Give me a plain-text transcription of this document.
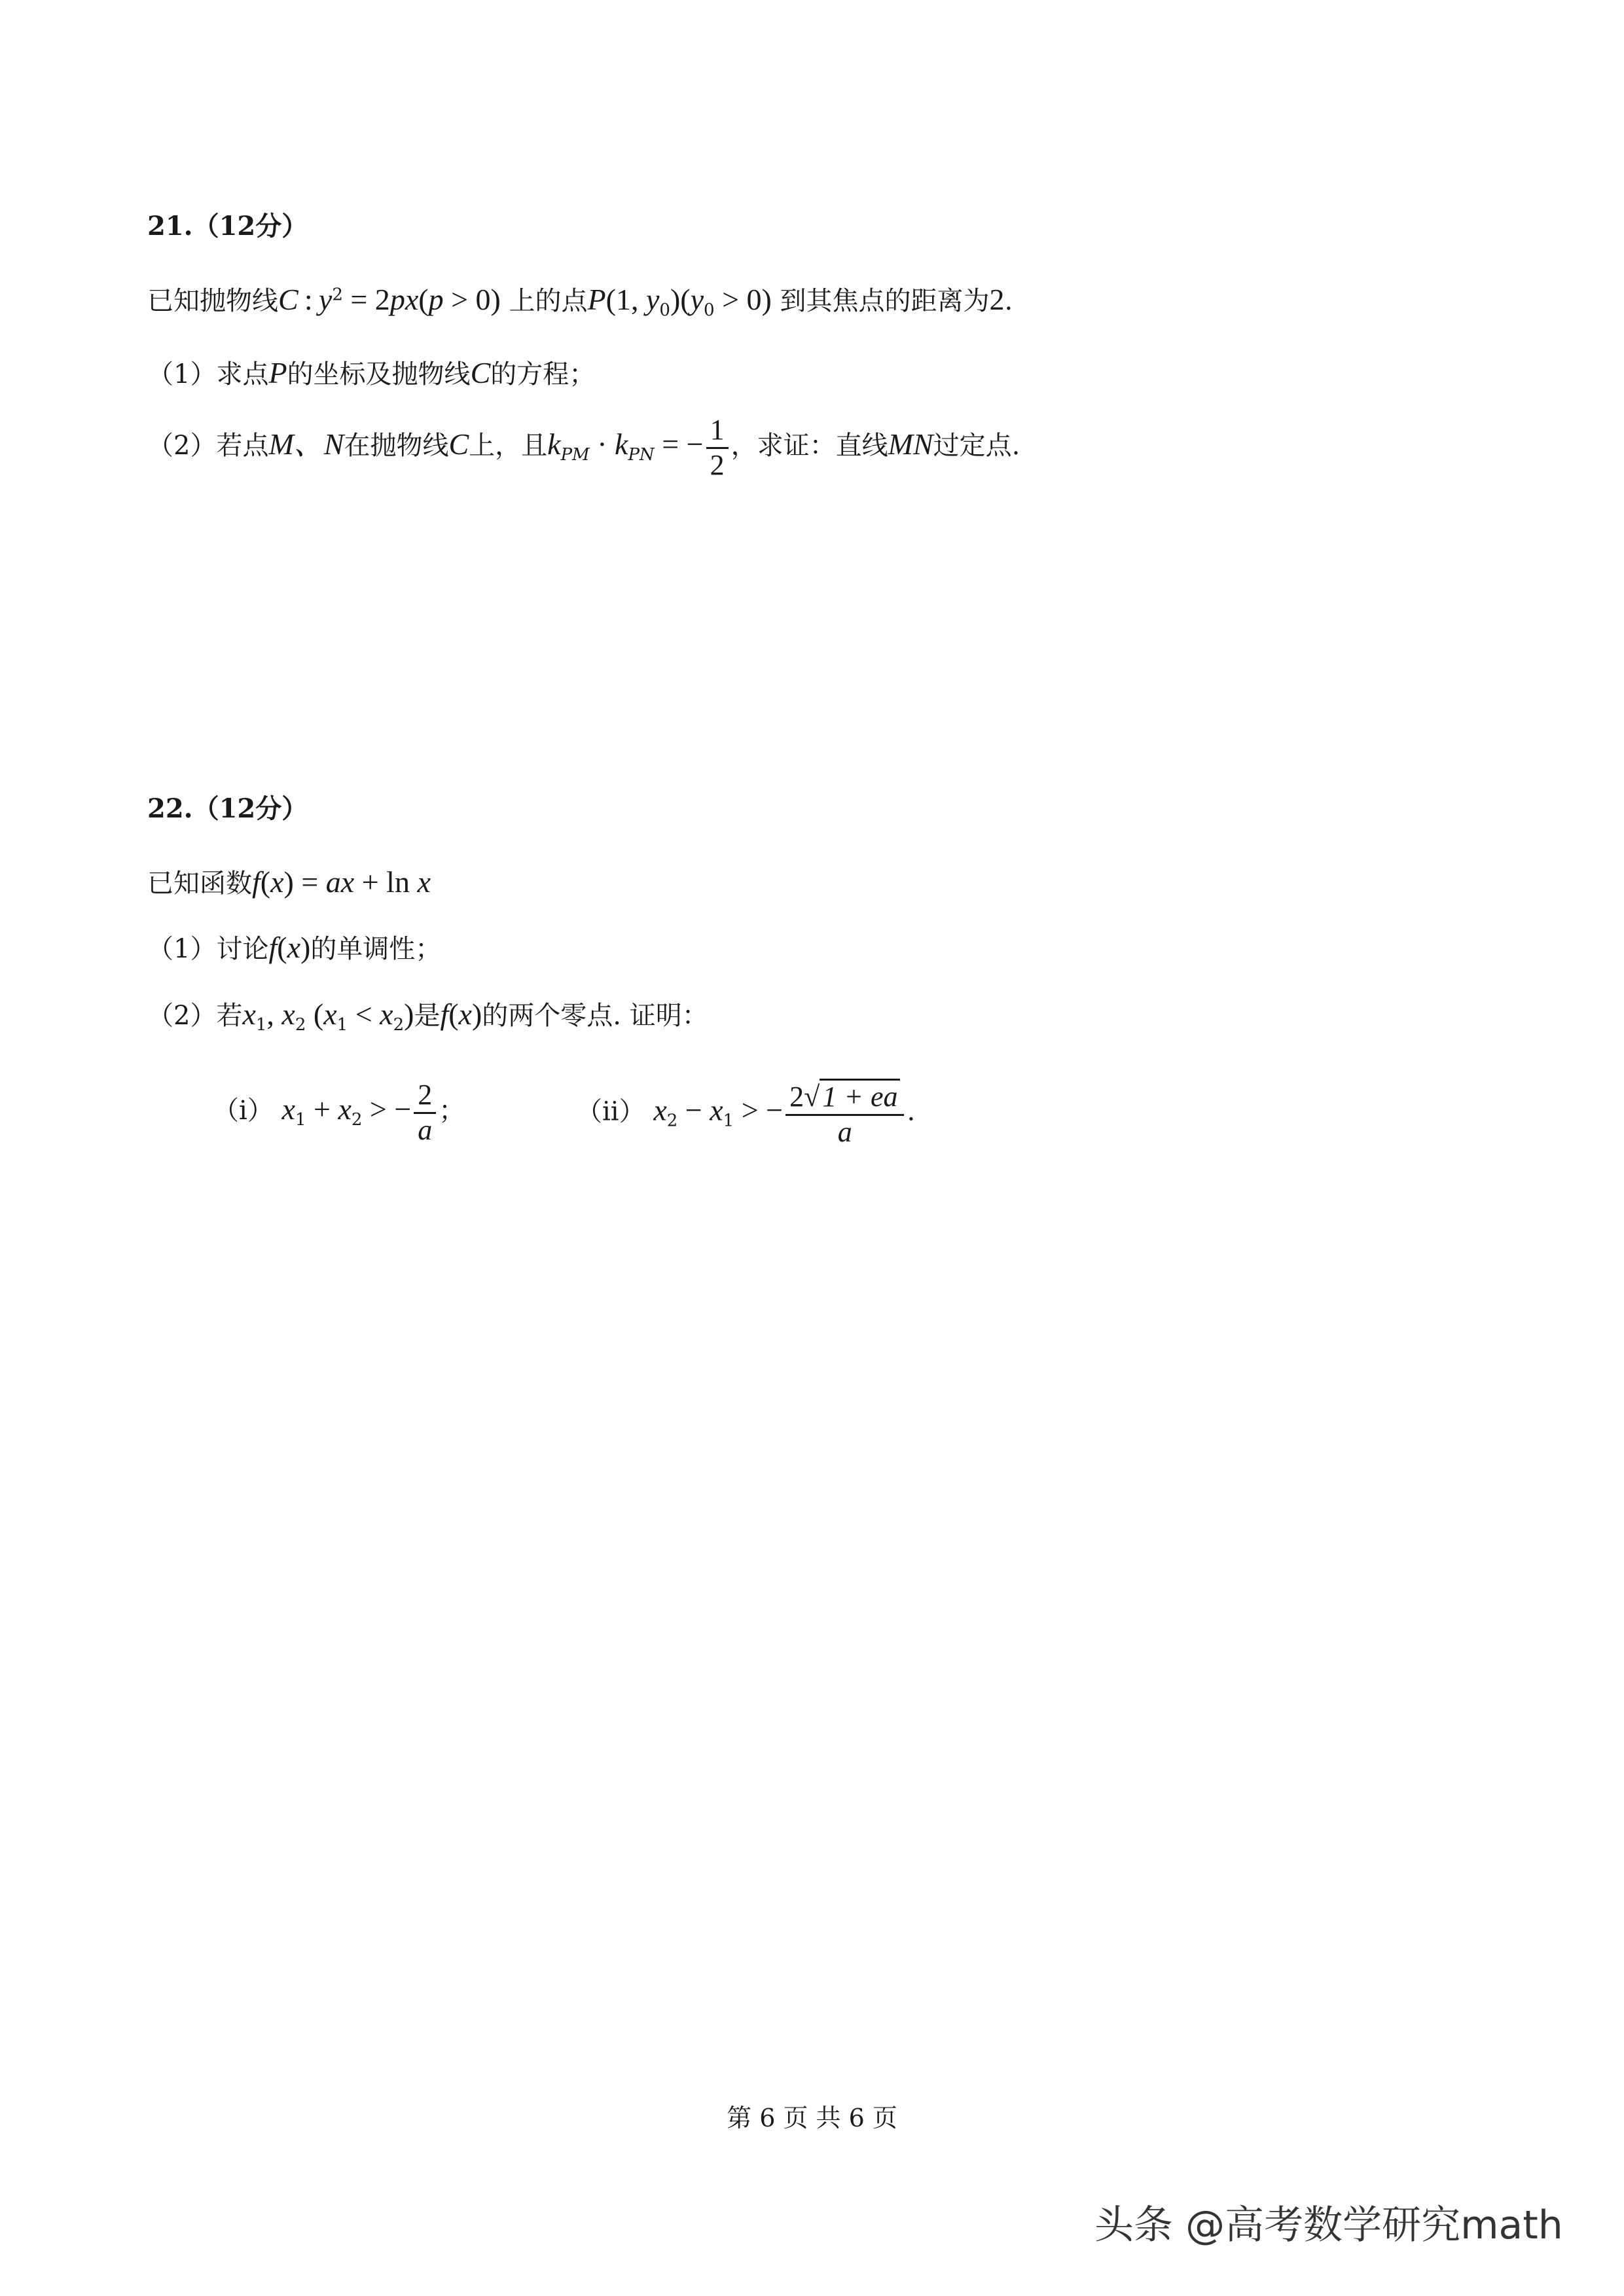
21.（12分）
已知抛物线C : $y^2 = 2px(p > 0)$ 上的点P(1, $y_0)(y_0 > 0)$ 到其焦点的距离为2.
（1）求点P的坐标及抛物线C的方程；
（2）若点M、N在抛物线C上，且$k_{PM} \cdot k_{PN}$ = − $\frac{1}{2}$ ，求证：直线MN过定点.
22.（12分）
已知函数f(x) = ax + ln x
（1）讨论f(x)的单调性；
（2）若$x_1$, $x_2$ $(x_1 < x_2)$是f(x)的两个零点. 证明：
（i） $x_1 + x_2$ > − $\frac{2}{a}$ ；	（ii） $x_2 - x_1$ > − $\frac{2√1 + ea}{a}$ .
第 6 页 共 6 页
头条 @高考数学研究math
